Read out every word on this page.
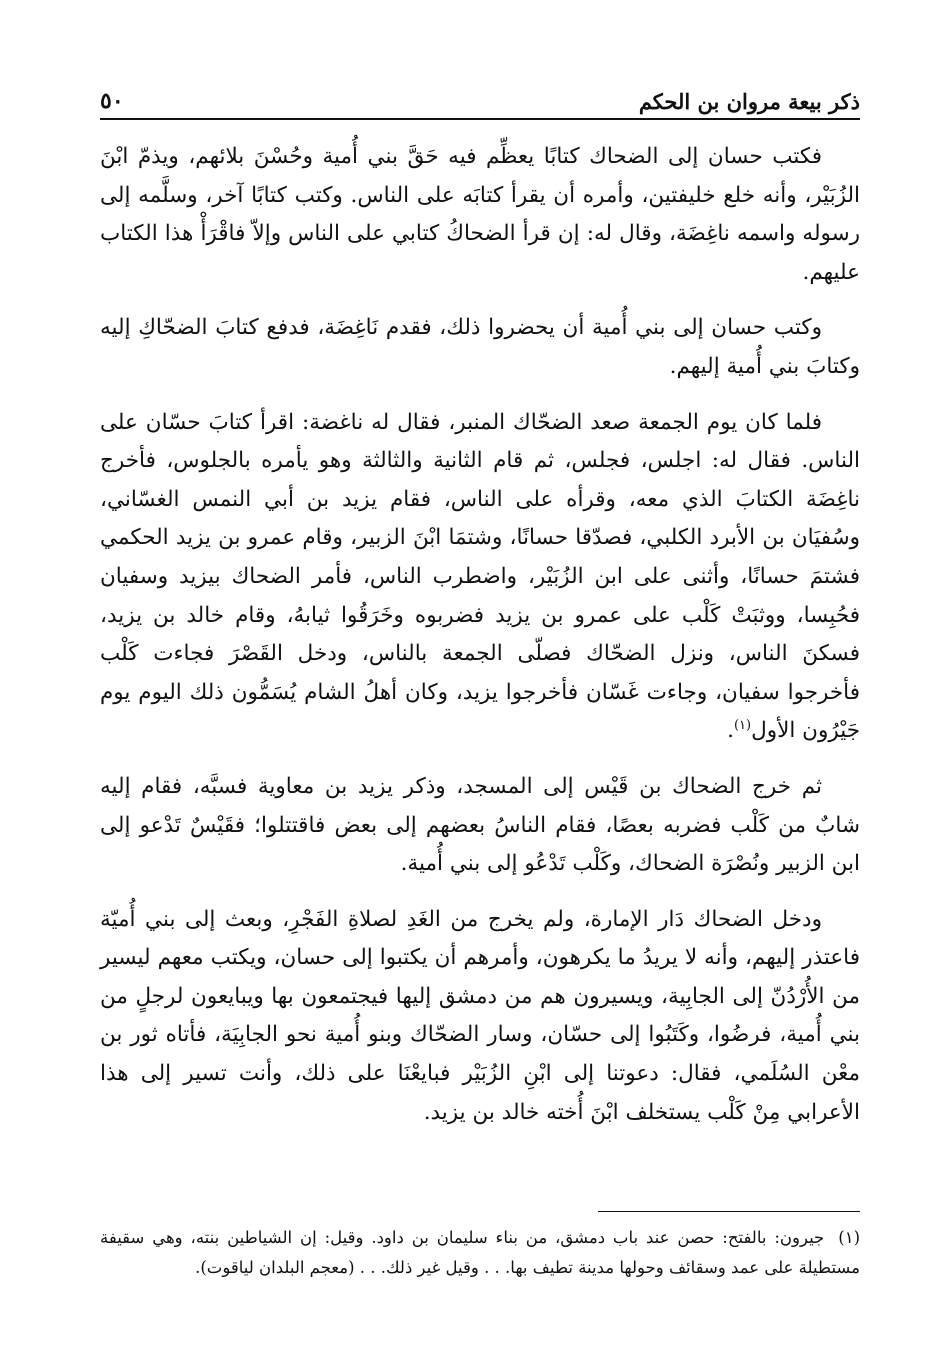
ذكر بيعة مروان بن الحكم
٥٠

فكتب حسان إلى الضحاك كتابًا يعظِّم فيه حَقَّ بني أُمية وحُسْنَ بلائهم، ويذمّ ابْنَ الزُبَيْر، وأنه خلع خليفتين، وأمره أن يقرأ كتابَه على الناس. وكتب كتابًا آخر، وسلَّمه إلى رسوله واسمه ناغِضَة، وقال له: إن قرأ الضحاكُ كتابي على الناس وإلاّ فاقْرَأْ هذا الكتاب عليهم.

وكتب حسان إلى بني أُمية أن يحضروا ذلك، فقدم نَاغِضَة، فدفع كتابَ الضحّاكِ إليه وكتابَ بني أُمية إليهم.

فلما كان يوم الجمعة صعد الضحّاك المنبر، فقال له ناغضة: اقرأ كتابَ حسّان على الناس. فقال له: اجلس، فجلس، ثم قام الثانية والثالثة وهو يأمره بالجلوس، فأخرج ناغِضَة الكتابَ الذي معه، وقرأه على الناس، فقام يزيد بن أبي النمس الغسّاني، وسُفيَان بن الأبرد الكلبي، فصدّقا حسانًا، وشتمَا ابْنَ الزبير، وقام عمرو بن يزيد الحكمي فشتمَ حسانًا، وأثنى على ابن الزُبَيْر، واضطرب الناس، فأمر الضحاك بيزيد وسفيان فحُبِسا، ووثبَتْ كَلْب على عمرو بن يزيد فضربوه وخَرَقُوا ثيابهُ، وقام خالد بن يزيد، فسكنَ الناس، ونزل الضحّاك فصلّى الجمعة بالناس، ودخل القَصْرَ فجاءت كَلْب فأخرجوا سفيان، وجاءت غَسّان فأخرجوا يزيد، وكان أهلُ الشام يُسَمُّون ذلك اليوم يوم جَيْرُون الأول$^{(١)}$.

ثم خرج الضحاك بن قَيْس إلى المسجد، وذكر يزيد بن معاوية فسبَّه، فقام إليه شابٌ من كَلْب فضربه بعصًا، فقام الناسُ بعضهم إلى بعض فاقتتلوا؛ فقَيْسٌ تَدْعو إلى ابن الزبير ونُصْرَة الضحاك، وكَلْب تَدْعُو إلى بني أُمية.

ودخل الضحاك دَار الإمارة، ولم يخرج من الغَدِ لصلاةِ الفَجْرِ، وبعث إلى بني أُميّة فاعتذر إليهم، وأنه لا يريدُ ما يكرهون، وأمرهم أن يكتبوا إلى حسان، ويكتب معهم ليسير من الأُرْدُنّ إلى الجابِية، ويسيرون هم من دمشق إليها فيجتمعون بها ويبايعون لرجلٍ من بني أُمية، فرضُوا، وكَتَبُوا إلى حسّان، وسار الضحّاك وبنو أُمية نحو الجابِيَة، فأتاه ثور بن معْن السُلَمي، فقال: دعوتنا إلى ابْنِ الزُبَيْر فبايعْنَا على ذلك، وأنت تسير إلى هذا الأعرابي مِنْ كَلْب يستخلف ابْنَ أُخته خالد بن يزيد.

(١)جيرون: بالفتح: حصن عند باب دمشق، من بناء سليمان بن داود. وقيل: إن الشياطين بنته، وهي سقيفة مستطيلة على عمد وسقائف وحولها مدينة تطيف بها. . . وقيل غير ذلك. . . (معجم البلدان لياقوت).
